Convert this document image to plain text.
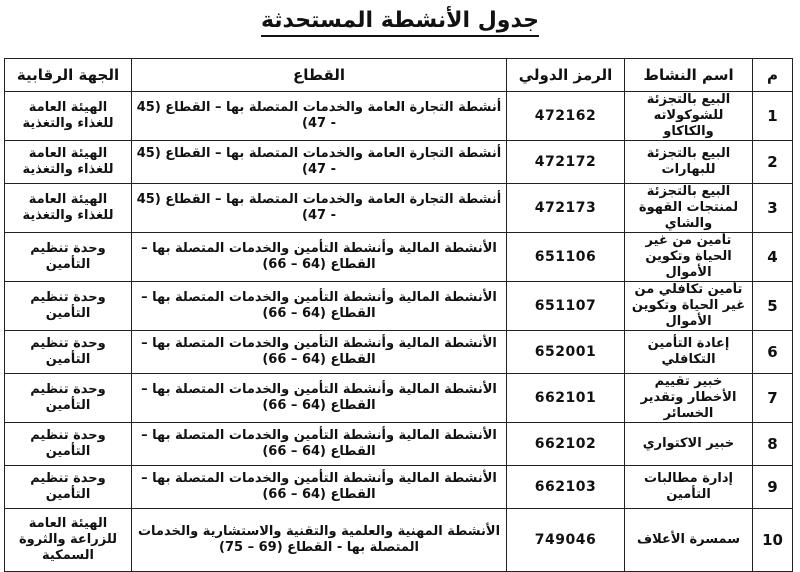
جدول الأنشطة المستحدثة
م	اسم النشاط	الرمز الدولي	القطاع	الجهة الرقابية
1	البيع بالتجزئة للشوكولاته والكاكاو	472162	أنشطة التجارة العامة والخدمات المتصلة بها – القطاع (45 - 47)	الهيئة العامة للغذاء والتغذية
2	البيع بالتجزئة للبهارات	472172	أنشطة التجارة العامة والخدمات المتصلة بها – القطاع (45 - 47)	الهيئة العامة للغذاء والتغذية
3	البيع بالتجزئة لمنتجات القهوة والشاي	472173	أنشطة التجارة العامة والخدمات المتصلة بها – القطاع (45 - 47)	الهيئة العامة للغذاء والتغذية
4	تأمين من غير الحياة وتكوين الأموال	651106	الأنشطة المالية وأنشطة التأمين والخدمات المتصلة بها – القطاع (64 – 66)	وحدة تنظيم التأمين
5	تأمين تكافلي من غير الحياة وتكوين الأموال	651107	الأنشطة المالية وأنشطة التأمين والخدمات المتصلة بها – القطاع (64 – 66)	وحدة تنظيم التأمين
6	إعادة التأمين التكافلي	652001	الأنشطة المالية وأنشطة التأمين والخدمات المتصلة بها – القطاع (64 – 66)	وحدة تنظيم التأمين
7	خبير تقييم الأخطار وتقدير الخسائر	662101	الأنشطة المالية وأنشطة التأمين والخدمات المتصلة بها – القطاع (64 – 66)	وحدة تنظيم التأمين
8	خبير الاكتواري	662102	الأنشطة المالية وأنشطة التأمين والخدمات المتصلة بها – القطاع (64 – 66)	وحدة تنظيم التأمين
9	إدارة مطالبات التأمين	662103	الأنشطة المالية وأنشطة التأمين والخدمات المتصلة بها – القطاع (64 – 66)	وحدة تنظيم التأمين
10	سمسرة الأعلاف	749046	الأنشطة المهنية والعلمية والتقنية والاستشارية والخدمات المتصلة بها - القطاع (69 – 75)	الهيئة العامة للزراعة والثروة السمكية
